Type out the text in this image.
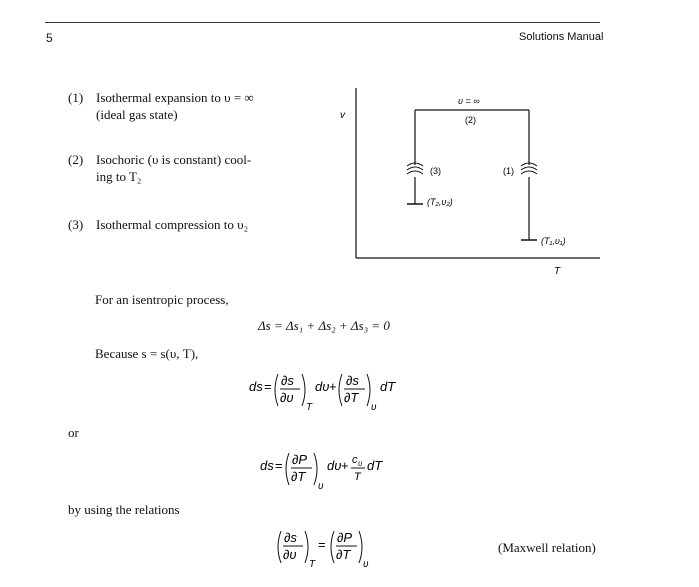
5	Solutions Manual
(1) Isothermal expansion to υ = ∞
(ideal gas state)
(2) Isochoric (υ is constant) cool-
ing to T₂
(3) Isothermal compression to υ₂
v
T
υ = ∞
(2)
(3)	(1)
(T₂,υ₂)
(T₁,υ₁)
For an isentropic process,
Δs = Δs₁ + Δs₂ + Δs₃ = 0
Because s = s(υ, T),
ds = ∂s
∂υ
T
dυ + ∂s
∂T
υ
dT
or
ds = ∂P
∂T
υ
dυ + c υ
T
dT
by using the relations
∂s
∂υ
T
= ∂P
∂T
υ
(Maxwell relation)
